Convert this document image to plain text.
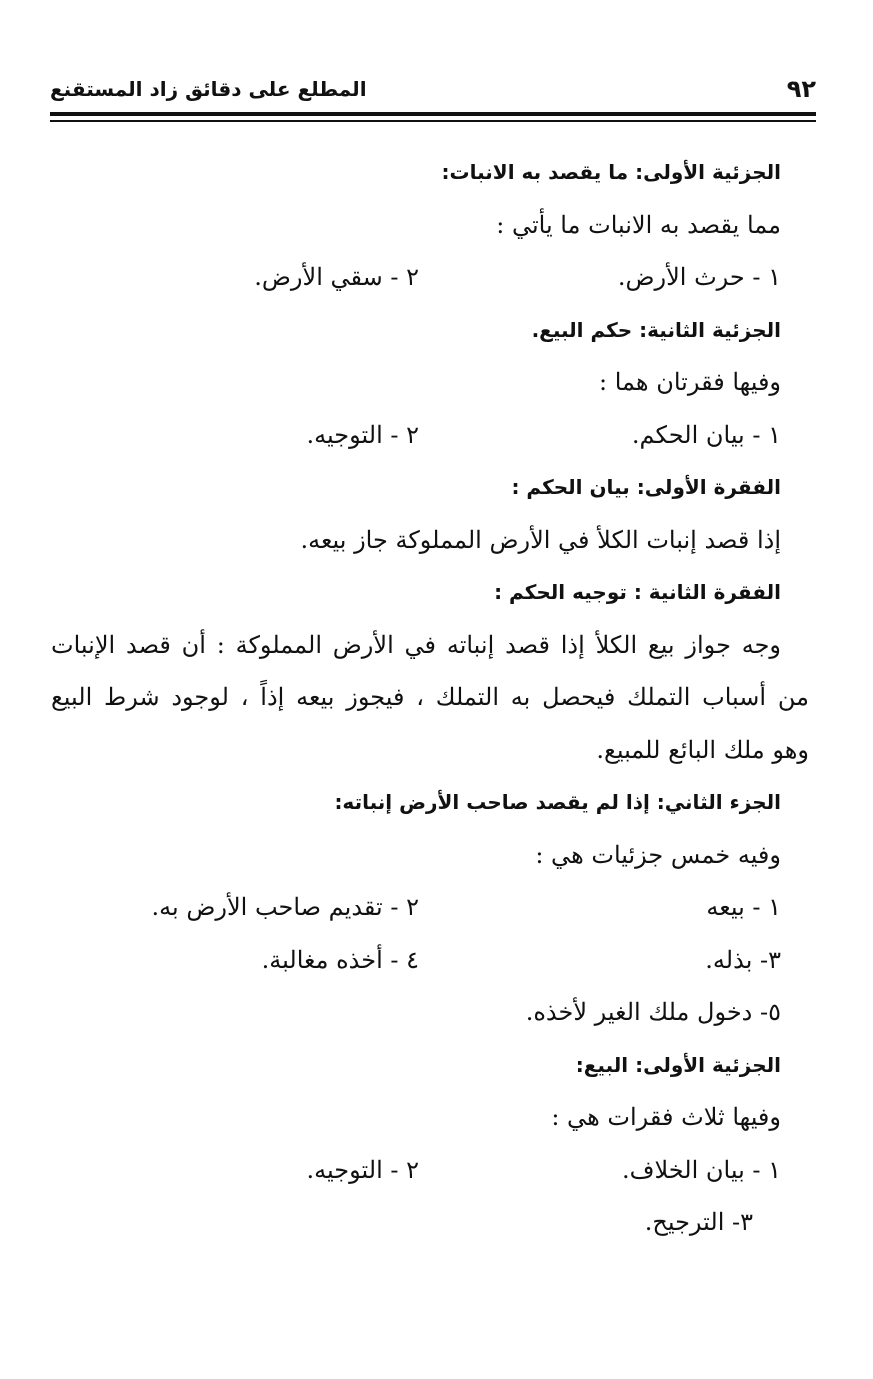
٩٢
المطلع على دقائق زاد المستقنع
الجزئية الأولى: ما يقصد به الانبات:
مما يقصد به الانبات ما يأتي :
١ - حرث الأرض.
٢ - سقي الأرض.
الجزئية الثانية: حكم البيع.
وفيها فقرتان هما :
١ - بيان الحكم.
٢ - التوجيه.
الفقرة الأولى: بيان الحكم :
إذا قصد إنبات الكلأ في الأرض المملوكة جاز بيعه.
الفقرة الثانية : توجيه الحكم :
وجه جواز بيع الكلأ إذا قصد إنباته في الأرض المملوكة : أن قصد الإنبات
من أسباب التملك فيحصل به التملك ، فيجوز بيعه إذاً ، لوجود شرط البيع
وهو ملك البائع للمبيع.
الجزء الثاني: إذا لم يقصد صاحب الأرض إنباته:
وفيه خمس جزئيات هي :
١ - بيعه
٢ - تقديم صاحب الأرض به.
٣- بذله.
٤ - أخذه مغالبة.
٥- دخول ملك الغير لأخذه.
الجزئية الأولى: البيع:
وفيها ثلاث فقرات هي :
١ - بيان الخلاف.
٢ - التوجيه.
٣- الترجيح.
